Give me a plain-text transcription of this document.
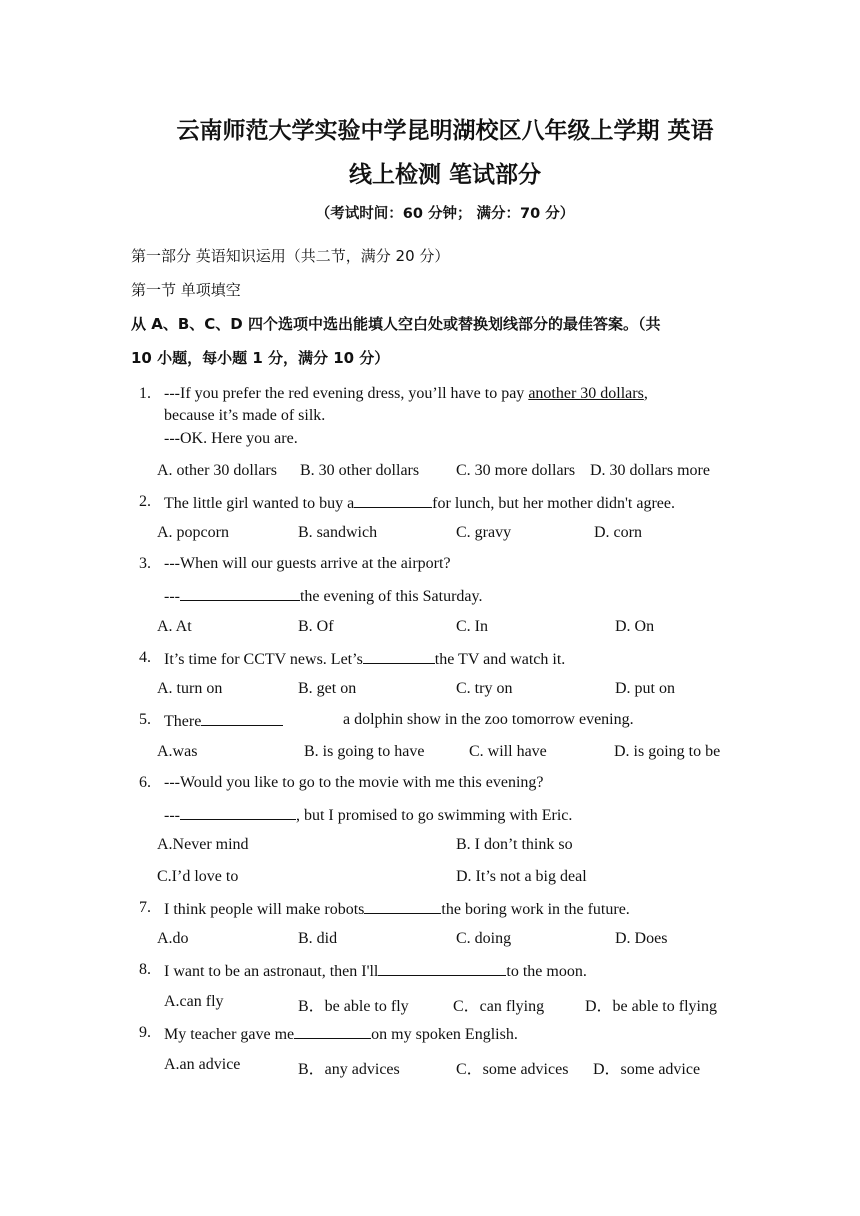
云南师范大学实验中学昆明湖校区八年级上学期 英语
线上检测 笔试部分
（考试时间：60 分钟； 满分：70 分）
第一部分 英语知识运用（共二节，满分 20 分）
第一节 单项填空
从 A、B、C、D 四个选项中选出能填人空白处或替换划线部分的最佳答案。（共
10 小题，每小题 1 分，满分 10 分）
1. ---If you prefer the red evening dress, you’ll have to pay another 30 dollars,
because it’s made of silk.
---OK. Here you are.
A. other 30 dollars B. 30 other dollars C. 30 more dollars D. 30 dollars more
2. The little girl wanted to buy a	for lunch, but her mother didn't agree.
A. popcorn	B. sandwich	C. gravy	D. corn
3. ---When will our guests arrive at the airport?
---	the evening of this Saturday.
A. At	B. Of	C. In	D. On
4. It’s time for CCTV news. Let’s	the TV and watch it.
A. turn on	B. get on	C. try on	D. put on
5. There	a dolphin show in the zoo tomorrow evening.
A.was	B. is going to have	C. will have	D. is going to be
6. ---Would you like to go to the movie with me this evening?
---	, but I promised to go swimming with Eric.
A.Never mind	B. I don’t think so
C.I’d love to	D. It’s not a big deal
7. I think people will make robots	the boring work in the future.
A.do	B. did	C. doing	D. Does
8. I want to be an astronaut, then I'll	to the moon.
A.can fly	B．be able to fly	C．can flying	D．be able to flying
9. My teacher gave me	on my spoken English.
A.an advice	B．any advices	C．some advices D．some advice
